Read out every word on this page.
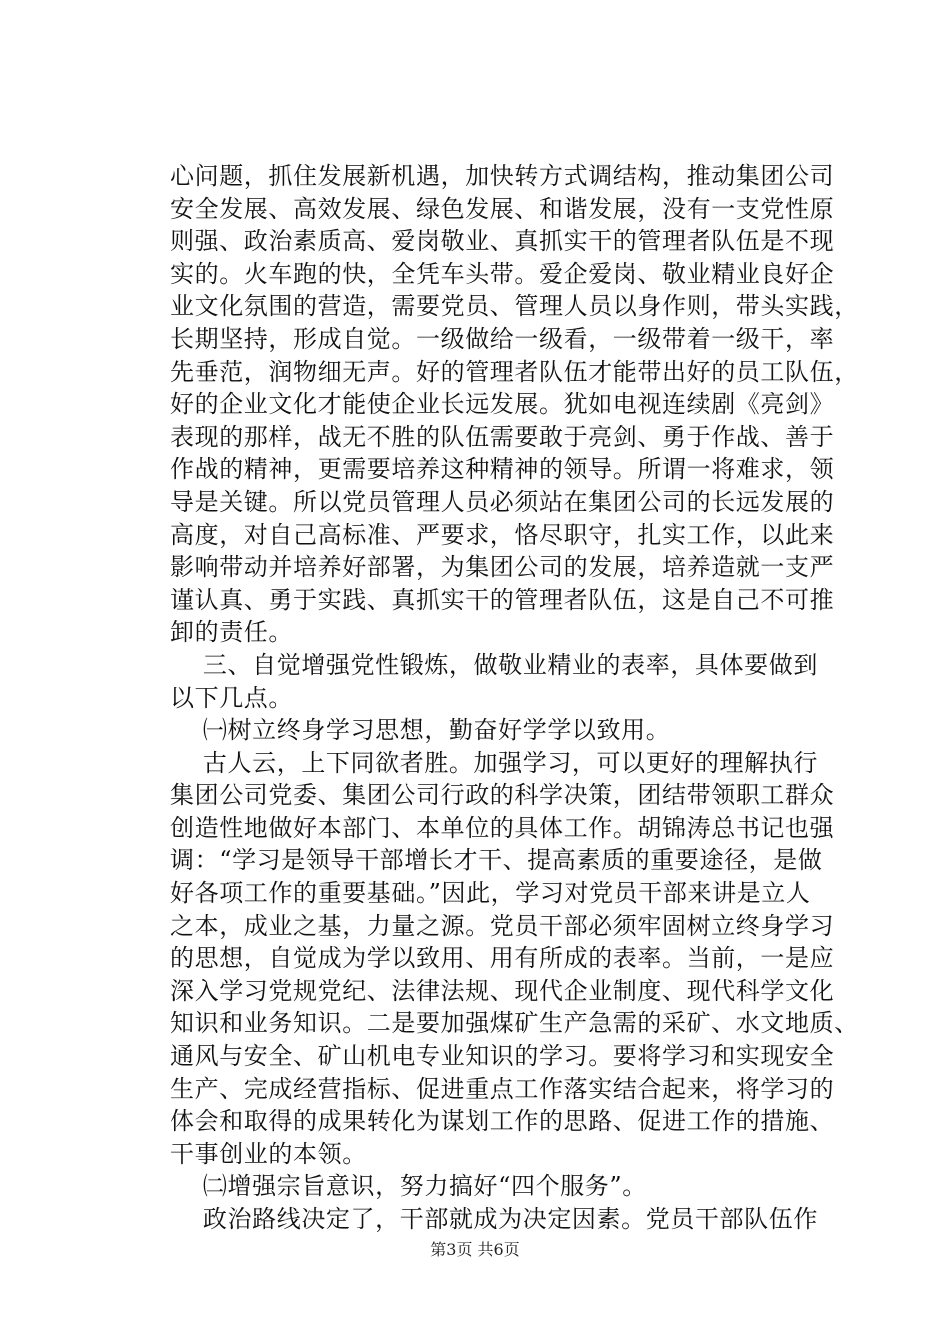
心问题，抓住发展新机遇，加快转方式调结构，推动集团公司
安全发展、高效发展、绿色发展、和谐发展，没有一支党性原
则强、政治素质高、爱岗敬业、真抓实干的管理者队伍是不现
实的。火车跑的快，全凭车头带。爱企爱岗、敬业精业良好企
业文化氛围的营造，需要党员、管理人员以身作则，带头实践，
长期坚持，形成自觉。一级做给一级看，一级带着一级干，率
先垂范，润物细无声。好的管理者队伍才能带出好的员工队伍，
好的企业文化才能使企业长远发展。犹如电视连续剧《亮剑》
表现的那样，战无不胜的队伍需要敢于亮剑、勇于作战、善于
作战的精神，更需要培养这种精神的领导。所谓一将难求，领
导是关键。所以党员管理人员必须站在集团公司的长远发展的
高度，对自己高标准、严要求，恪尽职守，扎实工作，以此来
影响带动并培养好部署，为集团公司的发展，培养造就一支严
谨认真、勇于实践、真抓实干的管理者队伍，这是自己不可推
卸的责任。
三、自觉增强党性锻炼，做敬业精业的表率，具体要做到
以下几点。
㈠树立终身学习思想，勤奋好学学以致用。
古人云，上下同欲者胜。加强学习，可以更好的理解执行
集团公司党委、集团公司行政的科学决策，团结带领职工群众
创造性地做好本部门、本单位的具体工作。胡锦涛总书记也强
调：“学习是领导干部增长才干、提高素质的重要途径，是做
好各项工作的重要基础。”因此，学习对党员干部来讲是立人
之本，成业之基，力量之源。党员干部必须牢固树立终身学习
的思想，自觉成为学以致用、用有所成的表率。当前，一是应
深入学习党规党纪、法律法规、现代企业制度、现代科学文化
知识和业务知识。二是要加强煤矿生产急需的采矿、水文地质、
通风与安全、矿山机电专业知识的学习。要将学习和实现安全
生产、完成经营指标、促进重点工作落实结合起来，将学习的
体会和取得的成果转化为谋划工作的思路、促进工作的措施、
干事创业的本领。
㈡增强宗旨意识，努力搞好“四个服务”。
政治路线决定了，干部就成为决定因素。党员干部队伍作
第3页 共6页
